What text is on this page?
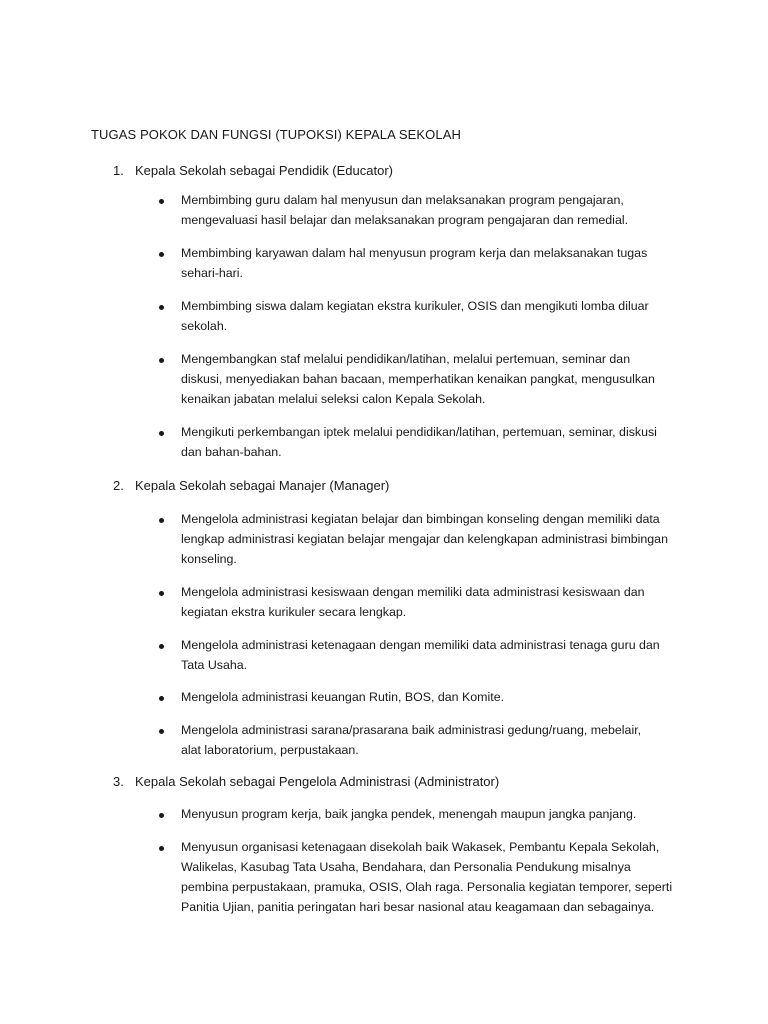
TUGAS POKOK DAN FUNGSI (TUPOKSI) KEPALA SEKOLAH
1. Kepala Sekolah sebagai Pendidik (Educator)
Membimbing guru dalam hal menyusun dan melaksanakan program pengajaran,
mengevaluasi hasil belajar dan melaksanakan program pengajaran dan remedial.
Membimbing karyawan dalam hal menyusun program kerja dan melaksanakan tugas
sehari-hari.
Membimbing siswa dalam kegiatan ekstra kurikuler, OSIS dan mengikuti lomba diluar
sekolah.
Mengembangkan staf melalui pendidikan/latihan, melalui pertemuan, seminar dan
diskusi, menyediakan bahan bacaan, memperhatikan kenaikan pangkat, mengusulkan
kenaikan jabatan melalui seleksi calon Kepala Sekolah.
Mengikuti perkembangan iptek melalui pendidikan/latihan, pertemuan, seminar, diskusi
dan bahan-bahan.
2. Kepala Sekolah sebagai Manajer (Manager)
Mengelola administrasi kegiatan belajar dan bimbingan konseling dengan memiliki data
lengkap administrasi kegiatan belajar mengajar dan kelengkapan administrasi bimbingan
konseling.
Mengelola administrasi kesiswaan dengan memiliki data administrasi kesiswaan dan
kegiatan ekstra kurikuler secara lengkap.
Mengelola administrasi ketenagaan dengan memiliki data administrasi tenaga guru dan
Tata Usaha.
Mengelola administrasi keuangan Rutin, BOS, dan Komite.
Mengelola administrasi sarana/prasarana baik administrasi gedung/ruang, mebelair,
alat laboratorium, perpustakaan.
3. Kepala Sekolah sebagai Pengelola Administrasi (Administrator)
Menyusun program kerja, baik jangka pendek, menengah maupun jangka panjang.
Menyusun organisasi ketenagaan disekolah baik Wakasek, Pembantu Kepala Sekolah,
Walikelas, Kasubag Tata Usaha, Bendahara, dan Personalia Pendukung misalnya
pembina perpustakaan, pramuka, OSIS, Olah raga. Personalia kegiatan temporer, seperti
Panitia Ujian, panitia peringatan hari besar nasional atau keagamaan dan sebagainya.
